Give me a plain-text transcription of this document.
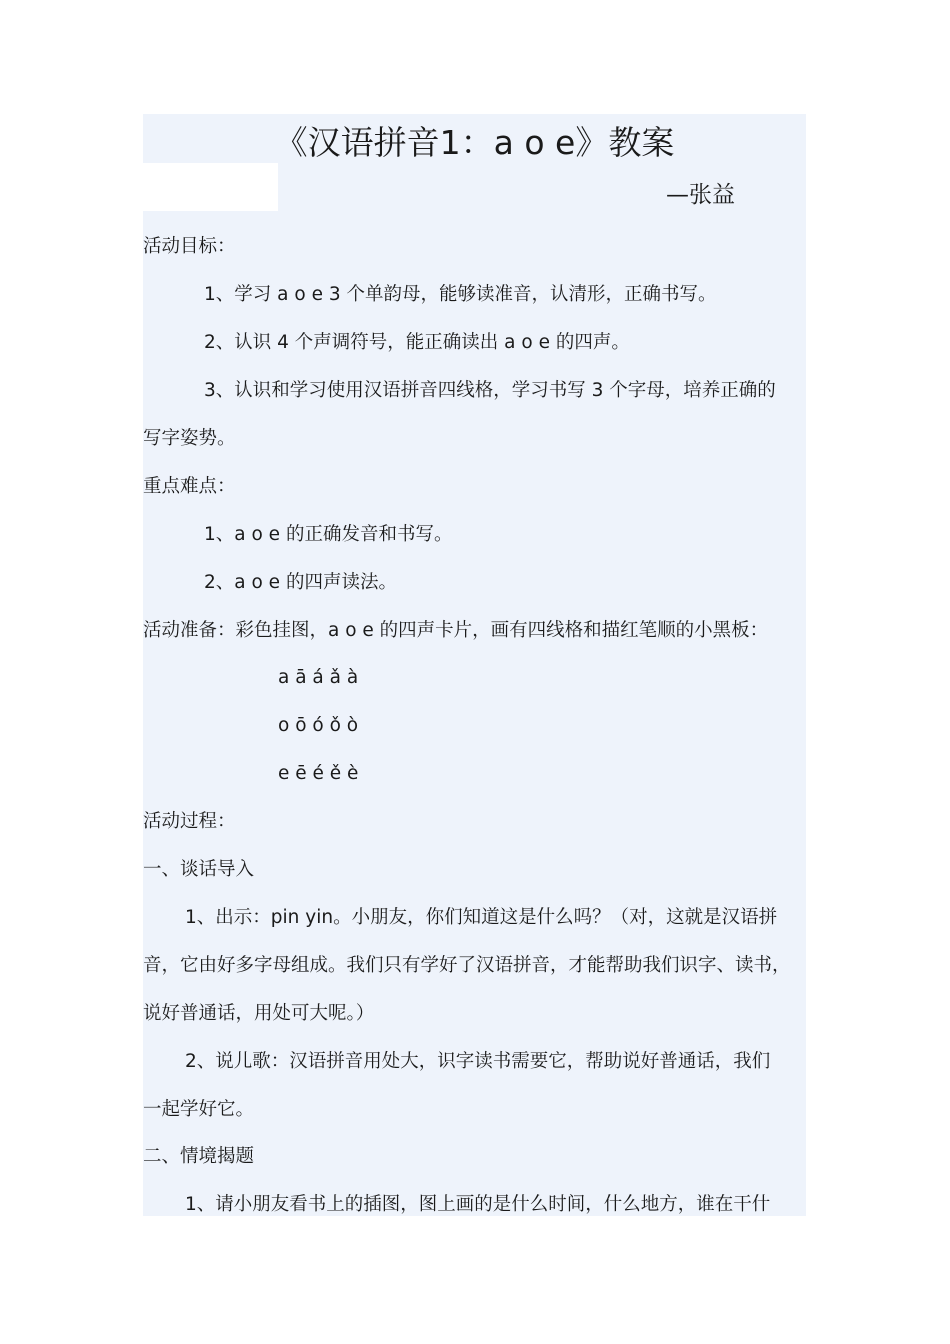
《汉语拼音1：a o e》教案
—张益
活动目标：
1、学习 a o e 3 个单韵母，能够读准音，认清形，正确书写。
2、认识 4 个声调符号，能正确读出 a o e 的四声。
3、认识和学习使用汉语拼音四线格，学习书写 3 个字母，培养正确的
写字姿势。
重点难点：
1、a o e 的正确发音和书写。
2、a o e 的四声读法。
活动准备：彩色挂图，a o e 的四声卡片，画有四线格和描红笔顺的小黑板：
a ā á ǎ à
o ō ó ǒ ò
e ē é ě è
活动过程：
一、谈话导入
1、出示：pin yin。小朋友，你们知道这是什么吗？（对，这就是汉语拼
音，它由好多字母组成。我们只有学好了汉语拼音，才能帮助我们识字、读书，
说好普通话，用处可大呢。）
2、说儿歌：汉语拼音用处大，识字读书需要它，帮助说好普通话，我们
一起学好它。
二、情境揭题
1、请小朋友看书上的插图，图上画的是什么时间，什么地方，谁在干什
